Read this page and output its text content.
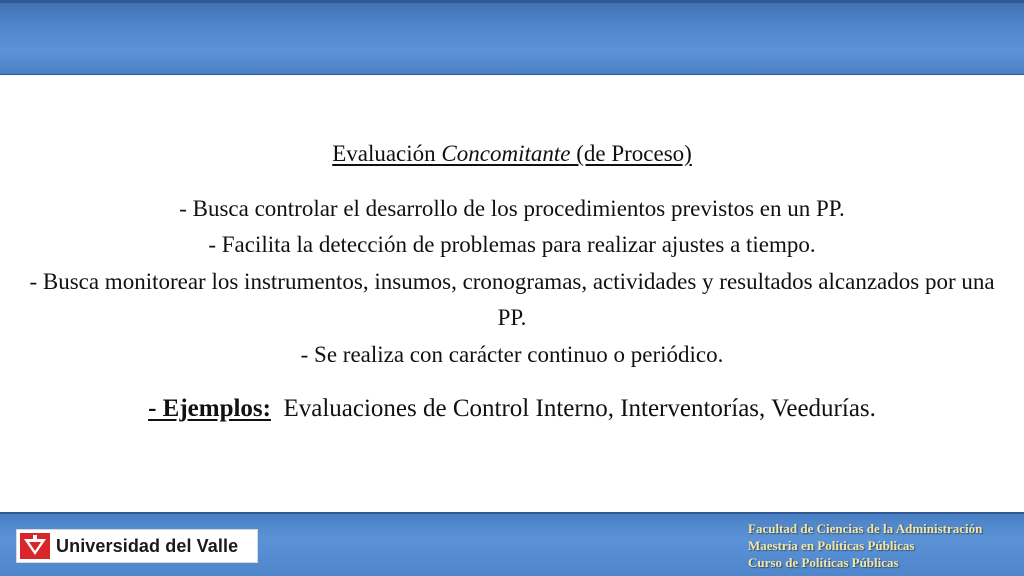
Evaluación Concomitante (de Proceso)
- Busca controlar el desarrollo de los procedimientos previstos en un PP.
- Facilita la detección de problemas para realizar ajustes a tiempo.
- Busca monitorear los instrumentos, insumos, cronogramas, actividades y resultados alcanzados por una PP.
- Se realiza con carácter continuo o periódico.
- Ejemplos:  Evaluaciones de Control Interno, Interventorías, Veedurías.
Universidad del Valle
Facultad de Ciencias de la Administración
Maestría en Políticas Públicas
Curso de Políticas Públicas
